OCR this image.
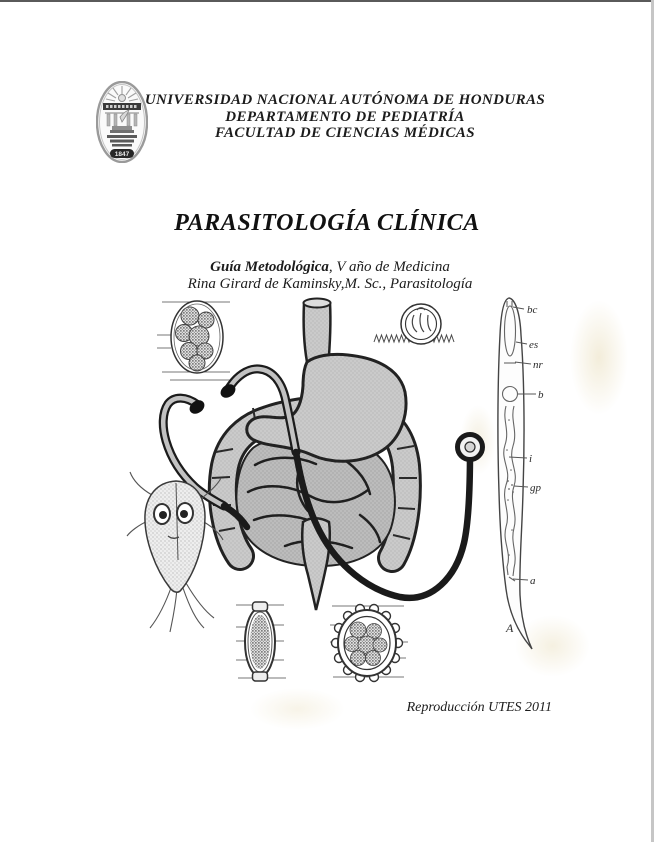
1847
UNIVERSIDAD NACIONAL AUTÓNOMA DE HONDURAS
DEPARTAMENTO DE PEDIATRÍA
FACULTAD DE CIENCIAS MÉDICAS
PARASITOLOGÍA CLÍNICA
Guía Metodológica, V año de Medicina
Rina Girard de Kaminsky,M. Sc., Parasitología
bc
es
nr
b
i
gp
a
A
Reproducción UTES 2011
